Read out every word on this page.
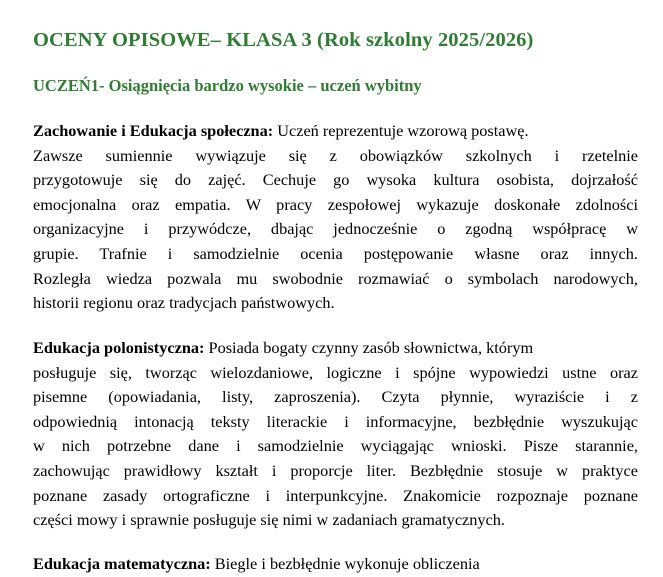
OCENY OPISOWE– KLASA 3 (Rok szkolny 2025/2026)
UCZEŃ1- Osiągnięcia bardzo wysokie – uczeń wybitny
Zachowanie i Edukacja społeczna: Uczeń reprezentuje wzorową postawę.
Zawsze sumiennie wywiązuje się z obowiązków szkolnych i rzetelnie
przygotowuje się do zajęć. Cechuje go wysoka kultura osobista, dojrzałość
emocjonalna oraz empatia. W pracy zespołowej wykazuje doskonałe zdolności
organizacyjne i przywódcze, dbając jednocześnie o zgodną współpracę w
grupie. Trafnie i samodzielnie ocenia postępowanie własne oraz innych.
Rozległa wiedza pozwala mu swobodnie rozmawiać o symbolach narodowych,
historii regionu oraz tradycjach państwowych.
Edukacja polonistyczna: Posiada bogaty czynny zasób słownictwa, którym
posługuje się, tworząc wielozdaniowe, logiczne i spójne wypowiedzi ustne oraz
pisemne (opowiadania, listy, zaproszenia). Czyta płynnie, wyraziście i z
odpowiednią intonacją teksty literackie i informacyjne, bezbłędnie wyszukując
w nich potrzebne dane i samodzielnie wyciągając wnioski. Pisze starannie,
zachowując prawidłowy kształt i proporcje liter. Bezbłędnie stosuje w praktyce
poznane zasady ortograficzne i interpunkcyjne. Znakomicie rozpoznaje poznane
części mowy i sprawnie posługuje się nimi w zadaniach gramatycznych.
Edukacja matematyczna: Biegle i bezbłędnie wykonuje obliczenia
